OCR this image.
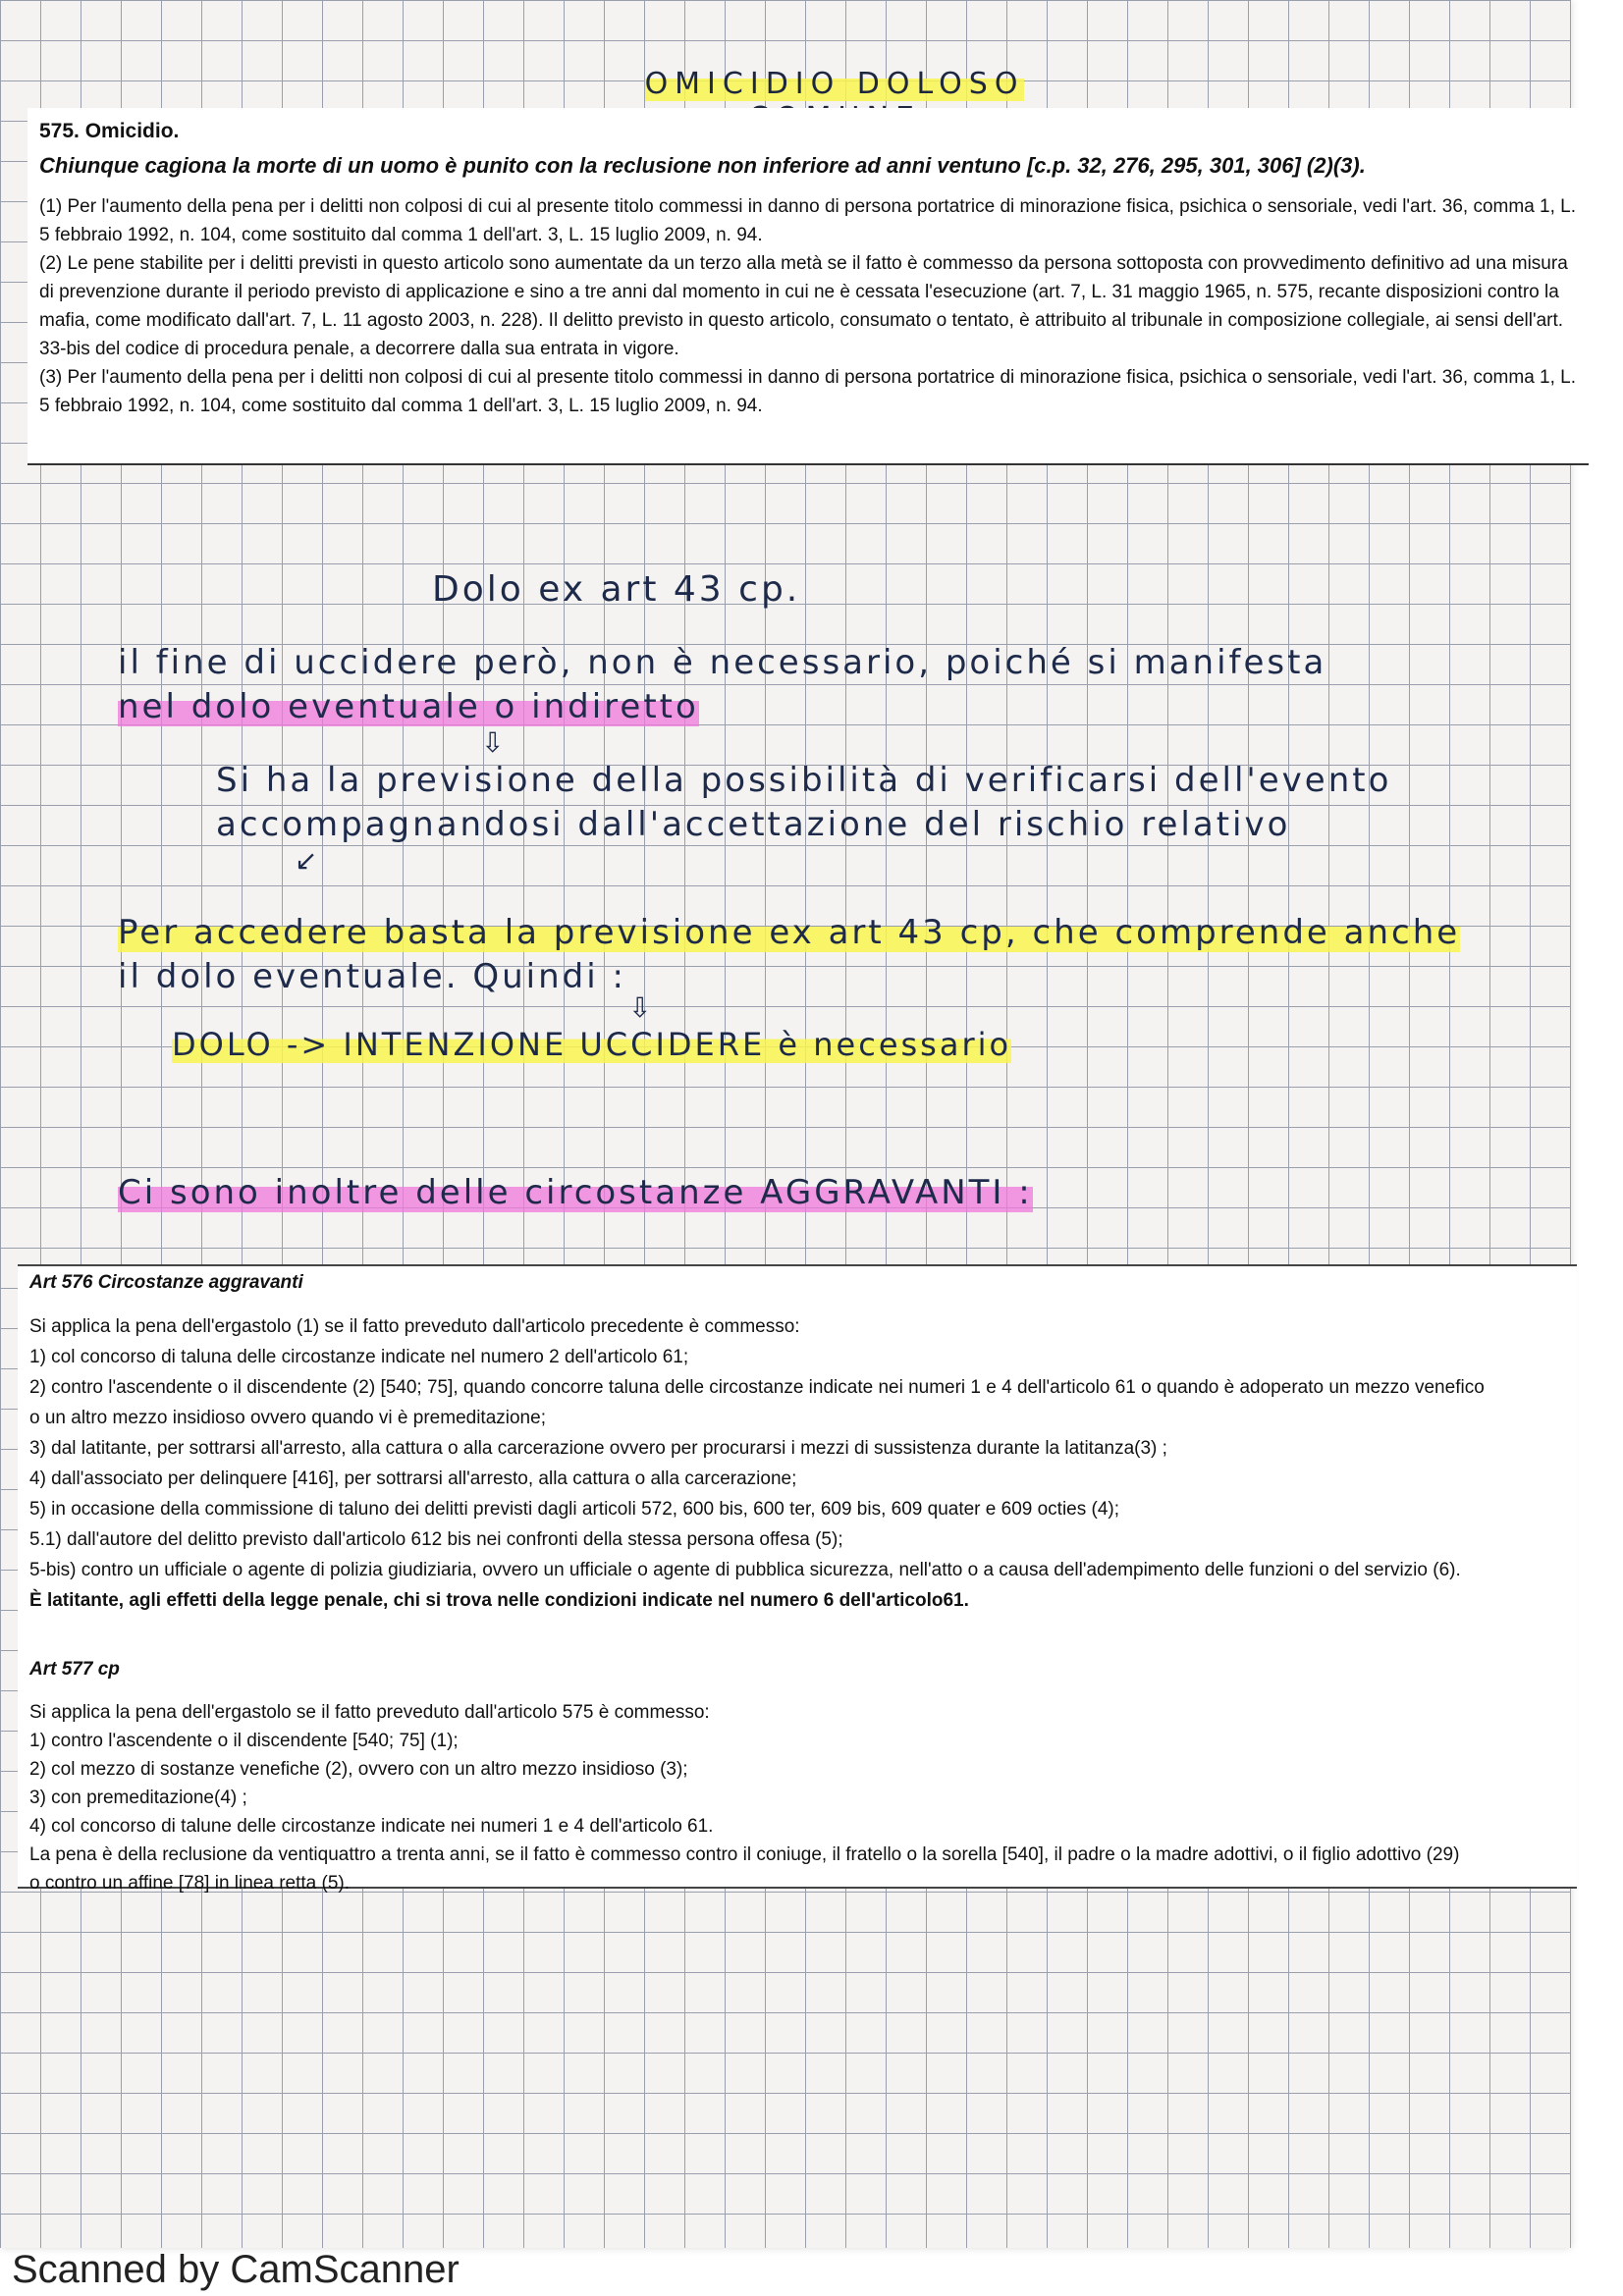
OMICIDIO DOLOSO
575. Omicidio.
Chiunque cagiona la morte di un uomo è punito con la reclusione non inferiore ad anni ventuno [c.p. 32, 276, 295, 301, 306] (2)(3).
(1) Per l'aumento della pena per i delitti non colposi di cui al presente titolo commessi in danno di persona portatrice di minorazione fisica, psichica o sensoriale, vedi l'art. 36, comma 1, L. 5 febbraio 1992, n. 104, come sostituito dal comma 1 dell'art. 3, L. 15 luglio 2009, n. 94.
(2) Le pene stabilite per i delitti previsti in questo articolo sono aumentate da un terzo alla metà se il fatto è commesso da persona sottoposta con provvedimento definitivo ad una misura di prevenzione durante il periodo previsto di applicazione e sino a tre anni dal momento in cui ne è cessata l'esecuzione (art. 7, L. 31 maggio 1965, n. 575, recante disposizioni contro la mafia, come modificato dall'art. 7, L. 11 agosto 2003, n. 228). Il delitto previsto in questo articolo, consumato o tentato, è attribuito al tribunale in composizione collegiale, ai sensi dell'art. 33-bis del codice di procedura penale, a decorrere dalla sua entrata in vigore.
(3) Per l'aumento della pena per i delitti non colposi di cui al presente titolo commessi in danno di persona portatrice di minorazione fisica, psichica o sensoriale, vedi l'art. 36, comma 1, L. 5 febbraio 1992, n. 104, come sostituito dal comma 1 dell'art. 3, L. 15 luglio 2009, n. 94.
Dolo ex art 43 cp.
il fine di uccidere però, non è necessario, poiché si manifesta
nel dolo eventuale o indiretto
⇩
Si ha la previsione della possibilità di verificarsi dell'evento
accompagnandosi dall'accettazione del rischio relativo
↙
Per accedere basta la previsione ex art 43 cp, che comprende anche
il dolo eventuale. Quindi :
⇩
DOLO -> INTENZIONE UCCIDERE è necessario
Ci sono inoltre delle circostanze AGGRAVANTI :
Art 576 Circostanze aggravanti
Si applica la pena dell'ergastolo (1) se il fatto preveduto dall'articolo precedente è commesso:
1) col concorso di taluna delle circostanze indicate nel numero 2 dell'articolo 61;
2) contro l'ascendente o il discendente (2) [540; 75], quando concorre taluna delle circostanze indicate nei numeri 1 e 4 dell'articolo 61 o quando è adoperato un mezzo venefico
o un altro mezzo insidioso ovvero quando vi è premeditazione;
3) dal latitante, per sottrarsi all'arresto, alla cattura o alla carcerazione ovvero per procurarsi i mezzi di sussistenza durante la latitanza(3) ;
4) dall'associato per delinquere [416], per sottrarsi all'arresto, alla cattura o alla carcerazione;
5) in occasione della commissione di taluno dei delitti previsti dagli articoli 572, 600 bis, 600 ter, 609 bis, 609 quater e 609 octies (4);
5.1) dall'autore del delitto previsto dall'articolo 612 bis nei confronti della stessa persona offesa (5);
5-bis) contro un ufficiale o agente di polizia giudiziaria, ovvero un ufficiale o agente di pubblica sicurezza, nell'atto o a causa dell'adempimento delle funzioni o del servizio (6).
È latitante, agli effetti della legge penale, chi si trova nelle condizioni indicate nel numero 6 dell'articolo61.
Art 577 cp
Si applica la pena dell'ergastolo se il fatto preveduto dall'articolo 575 è commesso:
1) contro l'ascendente o il discendente [540; 75] (1);
2) col mezzo di sostanze venefiche (2), ovvero con un altro mezzo insidioso (3);
3) con premeditazione(4) ;
4) col concorso di talune delle circostanze indicate nei numeri 1 e 4 dell'articolo 61.
La pena è della reclusione da ventiquattro a trenta anni, se il fatto è commesso contro il coniuge, il fratello o la sorella [540], il padre o la madre adottivi, o il figlio adottivo (29)
o contro un affine [78] in linea retta (5).
Scanned by CamScanner
